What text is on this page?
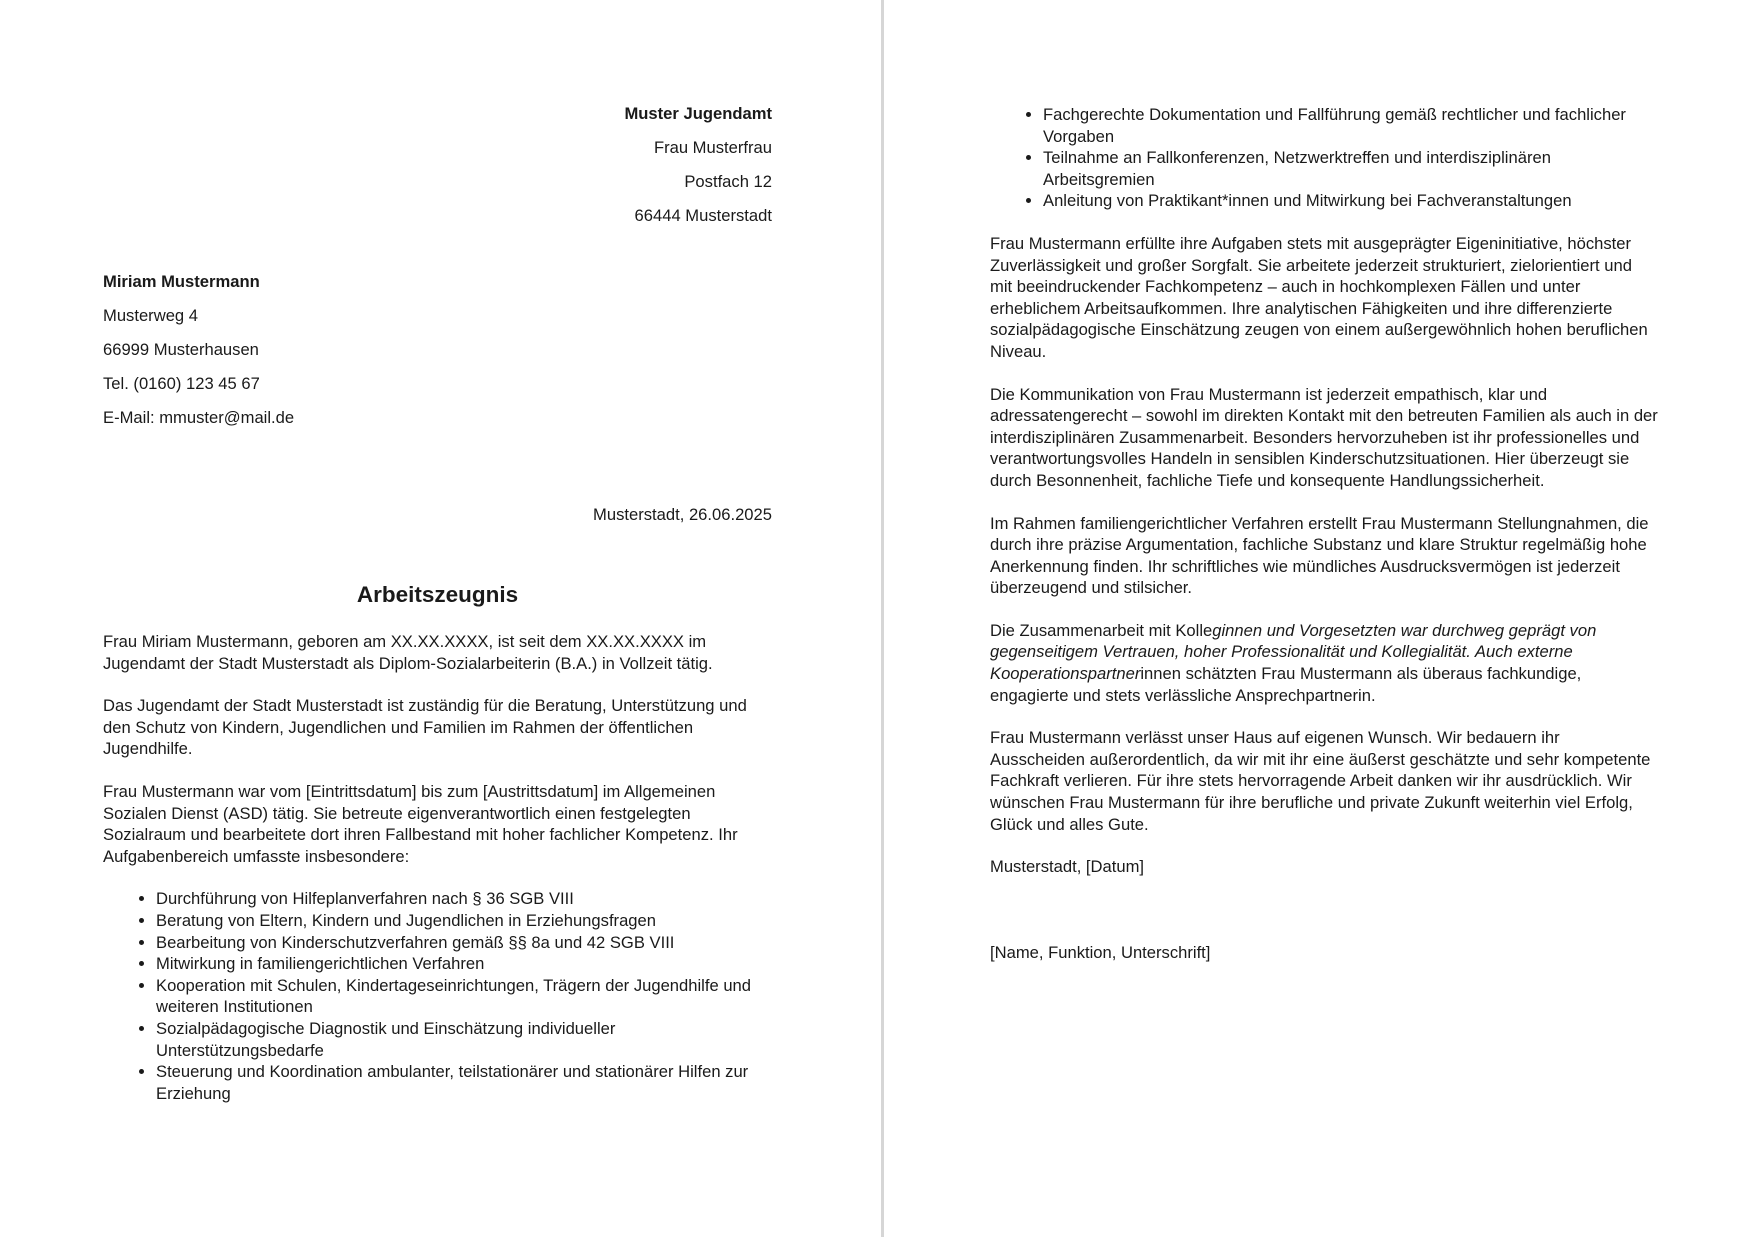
Muster Jugendamt
Frau Musterfrau
Postfach 12
66444 Musterstadt
Miriam Mustermann
Musterweg 4
66999 Musterhausen
Tel. (0160) 123 45 67
E-Mail: mmuster@mail.de
Musterstadt, 26.06.2025
Arbeitszeugnis

Frau Miriam Mustermann, geboren am XX.XX.XXXX, ist seit dem XX.XX.XXXX im Jugendamt der Stadt Musterstadt als Diplom-Sozialarbeiterin (B.A.) in Vollzeit tätig.

Das Jugendamt der Stadt Musterstadt ist zuständig für die Beratung, Unterstützung und den Schutz von Kindern, Jugendlichen und Familien im Rahmen der öffentlichen Jugendhilfe.

Frau Mustermann war vom [Eintrittsdatum] bis zum [Austrittsdatum] im Allgemeinen Sozialen Dienst (ASD) tätig. Sie betreute eigenverantwortlich einen festgelegten Sozialraum und bearbeitete dort ihren Fallbestand mit hoher fachlicher Kompetenz. Ihr Aufgabenbereich umfasste insbesondere:

• Durchführung von Hilfeplanverfahren nach § 36 SGB VIII
• Beratung von Eltern, Kindern und Jugendlichen in Erziehungsfragen
• Bearbeitung von Kinderschutzverfahren gemäß §§ 8a und 42 SGB VIII
• Mitwirkung in familiengerichtlichen Verfahren
• Kooperation mit Schulen, Kindertageseinrichtungen, Trägern der Jugendhilfe und weiteren Institutionen
• Sozialpädagogische Diagnostik und Einschätzung individueller Unterstützungsbedarfe
• Steuerung und Koordination ambulanter, teilstationärer und stationärer Hilfen zur Erziehung
• Fachgerechte Dokumentation und Fallführung gemäß rechtlicher und fachlicher Vorgaben
• Teilnahme an Fallkonferenzen, Netzwerktreffen und interdisziplinären Arbeitsgremien
• Anleitung von Praktikant*innen und Mitwirkung bei Fachveranstaltungen

Frau Mustermann erfüllte ihre Aufgaben stets mit ausgeprägter Eigeninitiative, höchster Zuverlässigkeit und großer Sorgfalt. Sie arbeitete jederzeit strukturiert, zielorientiert und mit beeindruckender Fachkompetenz – auch in hochkomplexen Fällen und unter erheblichem Arbeitsaufkommen. Ihre analytischen Fähigkeiten und ihre differenzierte sozialpädagogische Einschätzung zeugen von einem außergewöhnlich hohen beruflichen Niveau.

Die Kommunikation von Frau Mustermann ist jederzeit empathisch, klar und adressatengerecht – sowohl im direkten Kontakt mit den betreuten Familien als auch in der interdisziplinären Zusammenarbeit. Besonders hervorzuheben ist ihr professionelles und verantwortungsvolles Handeln in sensiblen Kinderschutzsituationen. Hier überzeugt sie durch Besonnenheit, fachliche Tiefe und konsequente Handlungssicherheit.

Im Rahmen familiengerichtlicher Verfahren erstellt Frau Mustermann Stellungnahmen, die durch ihre präzise Argumentation, fachliche Substanz und klare Struktur regelmäßig hohe Anerkennung finden. Ihr schriftliches wie mündliches Ausdrucksvermögen ist jederzeit überzeugend und stilsicher.

Die Zusammenarbeit mit Kolleginnen und Vorgesetzten war durchweg geprägt von gegenseitigem Vertrauen, hoher Professionalität und Kollegialität. Auch externe Kooperationspartnerinnen schätzten Frau Mustermann als überaus fachkundige, engagierte und stets verlässliche Ansprechpartnerin.

Frau Mustermann verlässt unser Haus auf eigenen Wunsch. Wir bedauern ihr Ausscheiden außerordentlich, da wir mit ihr eine äußerst geschätzte und sehr kompetente Fachkraft verlieren. Für ihre stets hervorragende Arbeit danken wir ihr ausdrücklich. Wir wünschen Frau Mustermann für ihre berufliche und private Zukunft weiterhin viel Erfolg, Glück und alles Gute.

Musterstadt, [Datum]

[Name, Funktion, Unterschrift]
